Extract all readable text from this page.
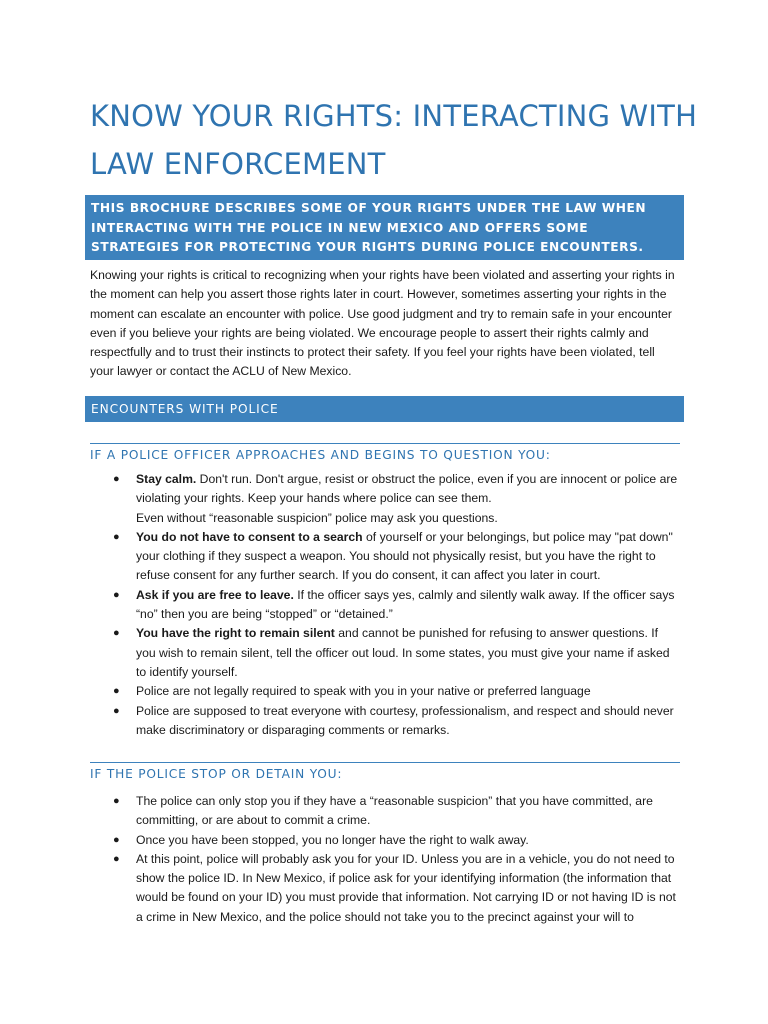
KNOW YOUR RIGHTS: INTERACTING WITH LAW ENFORCEMENT

THIS BROCHURE DESCRIBES SOME OF YOUR RIGHTS UNDER THE LAW WHEN INTERACTING WITH THE POLICE IN NEW MEXICO AND OFFERS SOME STRATEGIES FOR PROTECTING YOUR RIGHTS DURING POLICE ENCOUNTERS.

Knowing your rights is critical to recognizing when your rights have been violated and asserting your rights in the moment can help you assert those rights later in court. However, sometimes asserting your rights in the moment can escalate an encounter with police. Use good judgment and try to remain safe in your encounter even if you believe your rights are being violated. We encourage people to assert their rights calmly and respectfully and to trust their instincts to protect their safety. If you feel your rights have been violated, tell your lawyer or contact the ACLU of New Mexico.

ENCOUNTERS WITH POLICE
IF A POLICE OFFICER APPROACHES AND BEGINS TO QUESTION YOU:
● Stay calm. Don't run. Don't argue, resist or obstruct the police, even if you are innocent or police are violating your rights. Keep your hands where police can see them.
Even without “reasonable suspicion” police may ask you questions.
● You do not have to consent to a search of yourself or your belongings, but police may "pat down" your clothing if they suspect a weapon. You should not physically resist, but you have the right to refuse consent for any further search. If you do consent, it can affect you later in court.
● Ask if you are free to leave. If the officer says yes, calmly and silently walk away. If the officer says “no” then you are being “stopped” or “detained.”
● You have the right to remain silent and cannot be punished for refusing to answer questions. If you wish to remain silent, tell the officer out loud. In some states, you must give your name if asked to identify yourself.
● Police are not legally required to speak with you in your native or preferred language
● Police are supposed to treat everyone with courtesy, professionalism, and respect and should never make discriminatory or disparaging comments or remarks.
IF THE POLICE STOP OR DETAIN YOU:
● The police can only stop you if they have a “reasonable suspicion” that you have committed, are committing, or are about to commit a crime.
● Once you have been stopped, you no longer have the right to walk away.
● At this point, police will probably ask you for your ID. Unless you are in a vehicle, you do not need to show the police ID. In New Mexico, if police ask for your identifying information (the information that would be found on your ID) you must provide that information. Not carrying ID or not having ID is not a crime in New Mexico, and the police should not take you to the precinct against your will to
